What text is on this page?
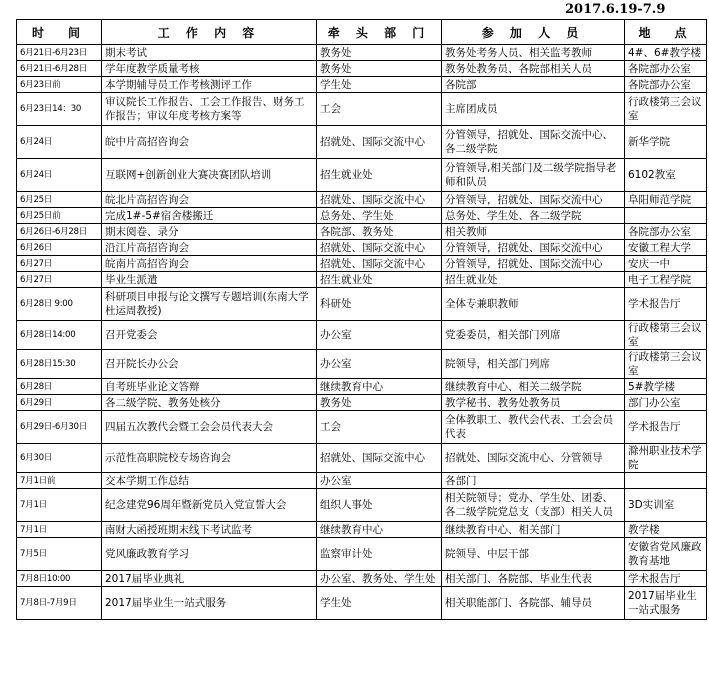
2017.6.19-7.9
时　间	工 作 内 容	牵 头 部 门	参 加 人 员	地　点
6月21日-6月23日	期末考试	教务处	教务处考务人员、相关监考教师	4#、6#教学楼
6月21日-6月28日	学年度教学质量考核	教务处	教务处教务员、各院部相关人员	各院部办公室
6月23日前	本学期辅导员工作考核测评工作	学生处	各院部	各院部办公室
6月23日14：30	审议院长工作报告、工会工作报告、财务工作报告；审议年度考核方案等	工会	主席团成员	行政楼第三会议室
6月24日	皖中片高招咨询会	招就处、国际交流中心	分管领导，招就处、国际交流中心、各二级学院	新华学院
6月24日	互联网+创新创业大赛决赛团队培训	招生就业处	分管领导,相关部门及二级学院指导老师和队员	6102教室
6月25日	皖北片高招咨询会	招就处、国际交流中心	分管领导，招就处、国际交流中心	阜阳师范学院
6月25日前	完成1#-5#宿舍楼搬迁	总务处、学生处	总务处、学生处、各二级学院	
6月26日-6月28日	期末阅卷、录分	各院部、教务处	相关教师	各院部办公室
6月26日	沿江片高招咨询会	招就处、国际交流中心	分管领导，招就处、国际交流中心	安徽工程大学
6月27日	皖南片高招咨询会	招就处、国际交流中心	分管领导，招就处、国际交流中心	安庆一中
6月27日	毕业生派遣	招生就业处	招生就业处	电子工程学院
6月28日 9:00	科研项目申报与论文撰写专题培训(东南大学杜运周教授)	科研处	全体专兼职教师	学术报告厅
6月28日14:00	召开党委会	办公室	党委委员，相关部门列席	行政楼第三会议室
6月28日15:30	召开院长办公会	办公室	院领导，相关部门列席	行政楼第三会议室
6月28日	自考班毕业论文答辩	继续教育中心	继续教育中心、相关二级学院	5#教学楼
6月29日	各二级学院、教务处核分	教务处	教学秘书、教务处教务员	部门办公室
6月29日-6月30日	四届五次教代会暨工会会员代表大会	工会	全体教职工、教代会代表、工会会员代表	学术报告厅
6月30日	示范性高职院校专场咨询会	招就处、国际交流中心	招就处、国际交流中心、分管领导	滁州职业技术学院
7月1日前	交本学期工作总结	办公室	各部门	
7月1日	纪念建党96周年暨新党员入党宣誓大会	组织人事处	相关院领导；党办、学生处、团委、各二级学院党总支（支部）相关人员	3D实训室
7月1日	南财大函授班期末线下考试监考	继续教育中心	继续教育中心、相关部门	教学楼
7月5日	党风廉政教育学习	监察审计处	院领导、中层干部	安徽省党风廉政教育基地
7月8日10:00	2017届毕业典礼	办公室、教务处、学生处	相关部门、各院部、毕业生代表	学术报告厅
7月8日-7月9日	2017届毕业生一站式服务	学生处	相关职能部门、各院部、辅导员	2017届毕业生一站式服务
